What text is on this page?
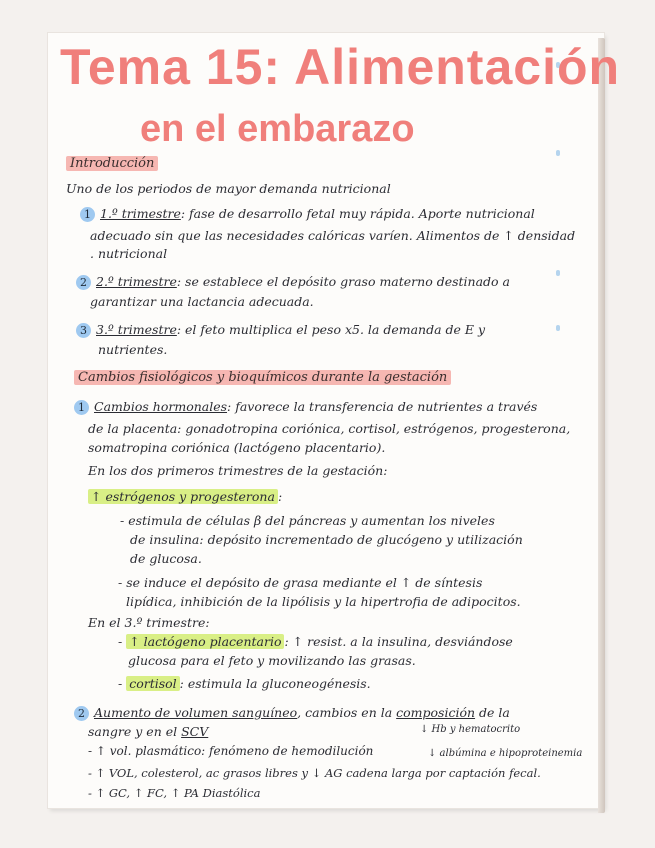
Tema 15: Alimentación
en el embarazo
Introducción
Uno de los periodos de mayor demanda nutricional
1 1.º trimestre: fase de desarrollo fetal muy rápida. Aporte nutricional
adecuado sin que las necesidades calóricas varíen. Alimentos de ↑ densidad
. nutricional
2 2.º trimestre: se establece el depósito graso materno destinado a
garantizar una lactancia adecuada.
3 3.º trimestre: el feto multiplica el peso x5. la demanda de E y
nutrientes.
Cambios fisiológicos y bioquímicos durante la gestación
1 Cambios hormonales: favorece la transferencia de nutrientes a través
de la placenta: gonadotropina coriónica, cortisol, estrógenos, progesterona,
somatropina coriónica (lactógeno placentario).
En los dos primeros trimestres de la gestación:
↑ estrógenos y progesterona :
- estimula de células β del páncreas y aumentan los niveles
de insulina: depósito incrementado de glucógeno y utilización
de glucosa.
- se induce el depósito de grasa mediante el ↑ de síntesis
lipídica, inhibición de la lipólisis y la hipertrofia de adipocitos.
En el 3.º trimestre:
- ↑ lactógeno placentario : ↑ resist. a la insulina, desviándose
glucosa para el feto y movilizando las grasas.
- cortisol : estimula la gluconeogénesis.
2 Aumento de volumen sanguíneo, cambios en la composición de la
sangre y en el SCV	↓ Hb y hematocrito
- ↑ vol. plasmático: fenómeno de hemodilución	↓ albúmina e hipoproteinemia
- ↑ VOL, colesterol, ac grasos libres y ↓ AG cadena larga por captación fecal.
- ↑ GC, ↑ FC, ↑ PA Diastólica
